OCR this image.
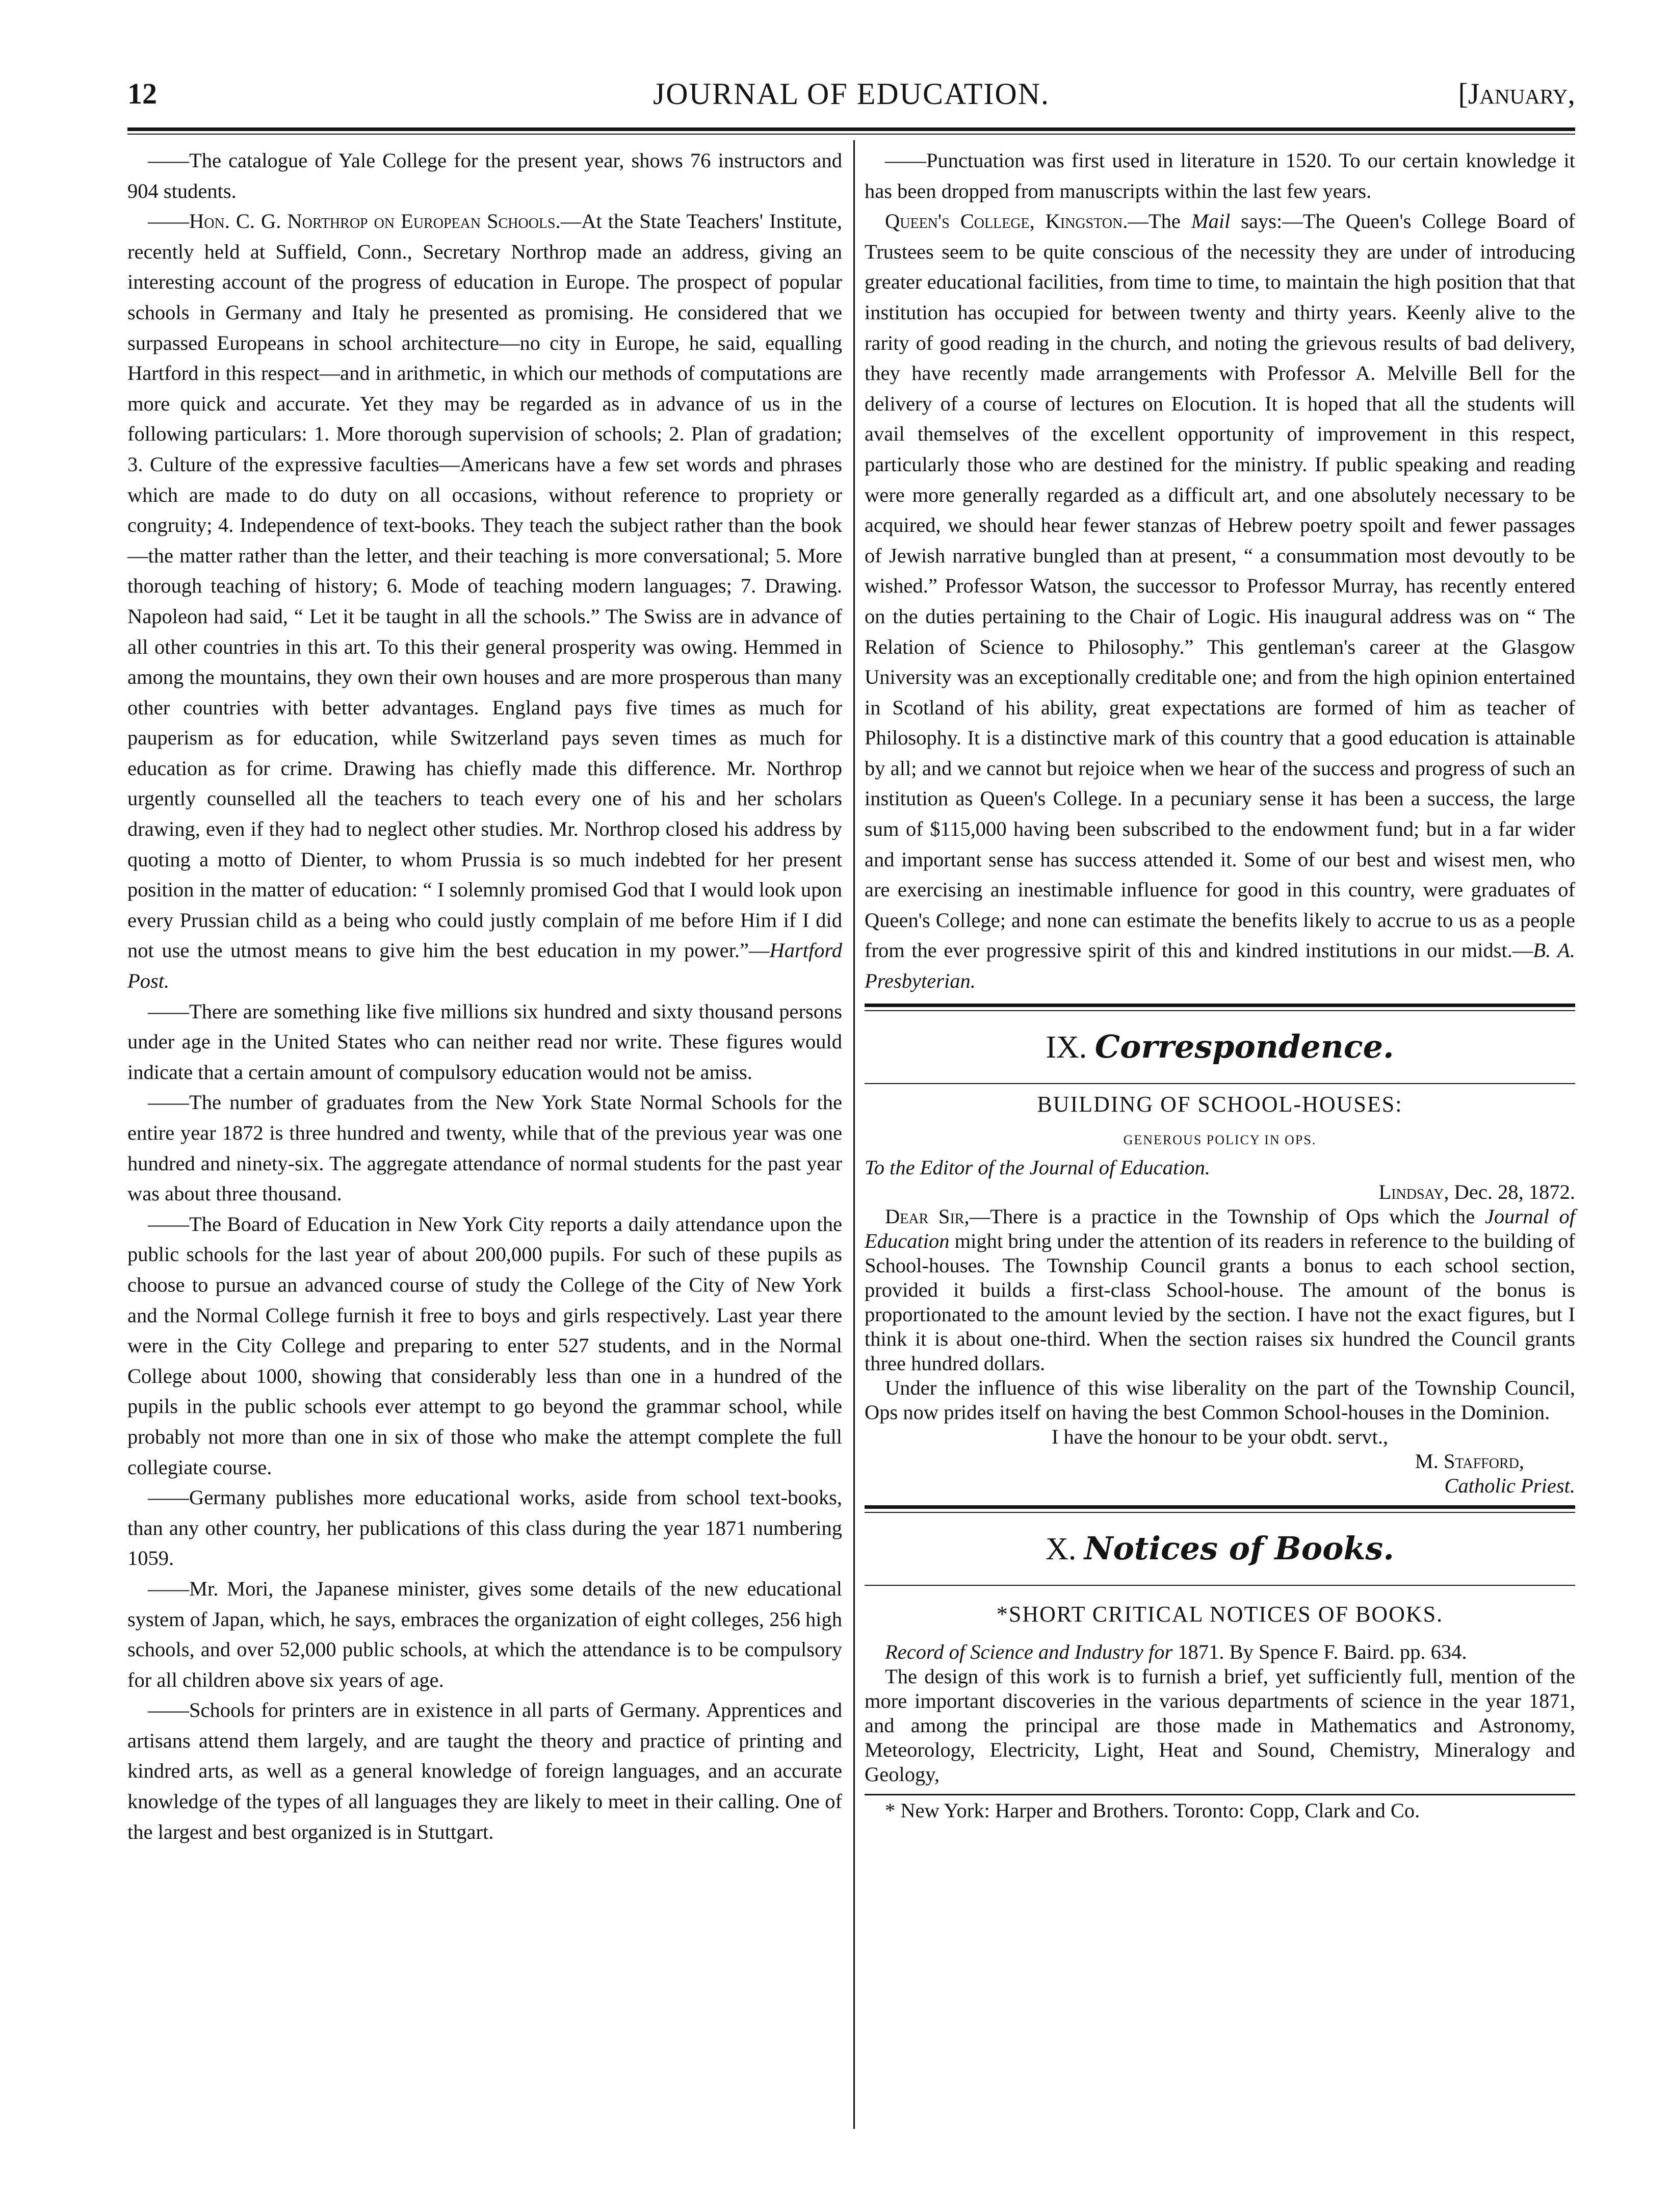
12	JOURNAL OF EDUCATION.	[January,

——The catalogue of Yale College for the present year, shows 76 instructors and 904 students.

——Hon. C. G. Northrop on European Schools.—At the State Teachers' Institute, recently held at Suffield, Conn., Secretary Northrop made an address, giving an interesting account of the progress of education in Europe. The prospect of popular schools in Germany and Italy he presented as promising. He considered that we surpassed Europeans in school architecture—no city in Europe, he said, equalling Hartford in this respect—and in arithmetic, in which our methods of computations are more quick and accurate. Yet they may be regarded as in advance of us in the following particulars: 1. More thorough supervision of schools; 2. Plan of gradation; 3. Culture of the expressive faculties—Americans have a few set words and phrases which are made to do duty on all occasions, without reference to propriety or congruity; 4. Independence of text-books. They teach the subject rather than the book —the matter rather than the letter, and their teaching is more conversational; 5. More thorough teaching of history; 6. Mode of teaching modern languages; 7. Drawing. Napoleon had said, “ Let it be taught in all the schools.” The Swiss are in advance of all other countries in this art. To this their general prosperity was owing. Hemmed in among the mountains, they own their own houses and are more prosperous than many other countries with better advantages. England pays five times as much for pauperism as for education, while Switzerland pays seven times as much for education as for crime. Drawing has chiefly made this difference. Mr. Northrop urgently counselled all the teachers to teach every one of his and her scholars drawing, even if they had to neglect other studies. Mr. Northrop closed his address by quoting a motto of Dienter, to whom Prussia is so much indebted for her present position in the matter of education: “ I solemnly promised God that I would look upon every Prussian child as a being who could justly complain of me before Him if I did not use the utmost means to give him the best education in my power.”—Hartford Post.

——There are something like five millions six hundred and sixty thousand persons under age in the United States who can neither read nor write. These figures would indicate that a certain amount of compulsory education would not be amiss.

——The number of graduates from the New York State Normal Schools for the entire year 1872 is three hundred and twenty, while that of the previous year was one hundred and ninety-six. The aggregate attendance of normal students for the past year was about three thousand.

——The Board of Education in New York City reports a daily attendance upon the public schools for the last year of about 200,000 pupils. For such of these pupils as choose to pursue an advanced course of study the College of the City of New York and the Normal College furnish it free to boys and girls respectively. Last year there were in the City College and preparing to enter 527 students, and in the Normal College about 1000, showing that considerably less than one in a hundred of the pupils in the public schools ever attempt to go beyond the grammar school, while probably not more than one in six of those who make the attempt complete the full collegiate course.

——Germany publishes more educational works, aside from school text-books, than any other country, her publications of this class during the year 1871 numbering 1059.

——Mr. Mori, the Japanese minister, gives some details of the new educational system of Japan, which, he says, embraces the organization of eight colleges, 256 high schools, and over 52,000 public schools, at which the attendance is to be compulsory for all children above six years of age.

——Schools for printers are in existence in all parts of Germany. Apprentices and artisans attend them largely, and are taught the theory and practice of printing and kindred arts, as well as a general knowledge of foreign languages, and an accurate knowledge of the types of all languages they are likely to meet in their calling. One of the largest and best organized is in Stuttgart.

——Punctuation was first used in literature in 1520. To our certain knowledge it has been dropped from manuscripts within the last few years.

Queen's College, Kingston.—The Mail says:—The Queen's College Board of Trustees seem to be quite conscious of the necessity they are under of introducing greater educational facilities, from time to time, to maintain the high position that that institution has occupied for between twenty and thirty years. Keenly alive to the rarity of good reading in the church, and noting the grievous results of bad delivery, they have recently made arrangements with Professor A. Melville Bell for the delivery of a course of lectures on Elocution. It is hoped that all the students will avail themselves of the excellent opportunity of improvement in this respect, particularly those who are destined for the ministry. If public speaking and reading were more generally regarded as a difficult art, and one absolutely necessary to be acquired, we should hear fewer stanzas of Hebrew poetry spoilt and fewer passages of Jewish narrative bungled than at present, “ a consummation most devoutly to be wished.” Professor Watson, the successor to Professor Murray, has recently entered on the duties pertaining to the Chair of Logic. His inaugural address was on “ The Relation of Science to Philosophy.” This gentleman's career at the Glasgow University was an exceptionally creditable one; and from the high opinion entertained in Scotland of his ability, great expectations are formed of him as teacher of Philosophy. It is a distinctive mark of this country that a good education is attainable by all; and we cannot but rejoice when we hear of the success and progress of such an institution as Queen's College. In a pecuniary sense it has been a success, the large sum of $115,000 having been subscribed to the endowment fund; but in a far wider and important sense has success attended it. Some of our best and wisest men, who are exercising an inestimable influence for good in this country, were graduates of Queen's College; and none can estimate the benefits likely to accrue to us as a people from the ever progressive spirit of this and kindred institutions in our midst.—B. A. Presbyterian.

IX. Correspondence.
BUILDING OF SCHOOL-HOUSES:
GENEROUS POLICY IN OPS.

To the Editor of the Journal of Education.

Lindsay, Dec. 28, 1872.

Dear Sir,—There is a practice in the Township of Ops which the Journal of Education might bring under the attention of its readers in reference to the building of School-houses. The Township Council grants a bonus to each school section, provided it builds a first-class School-house. The amount of the bonus is proportionated to the amount levied by the section. I have not the exact figures, but I think it is about one-third. When the section raises six hundred the Council grants three hundred dollars.

Under the influence of this wise liberality on the part of the Township Council, Ops now prides itself on having the best Common School-houses in the Dominion.

I have the honour to be your obdt. servt.,

M. Stafford,

Catholic Priest.

X. Notices of Books.
*SHORT CRITICAL NOTICES OF BOOKS.

Record of Science and Industry for 1871. By Spence F. Baird. pp. 634.

The design of this work is to furnish a brief, yet sufficiently full, mention of the more important discoveries in the various departments of science in the year 1871, and among the principal are those made in Mathematics and Astronomy, Meteorology, Electricity, Light, Heat and Sound, Chemistry, Mineralogy and Geology,

* New York: Harper and Brothers. Toronto: Copp, Clark and Co.
